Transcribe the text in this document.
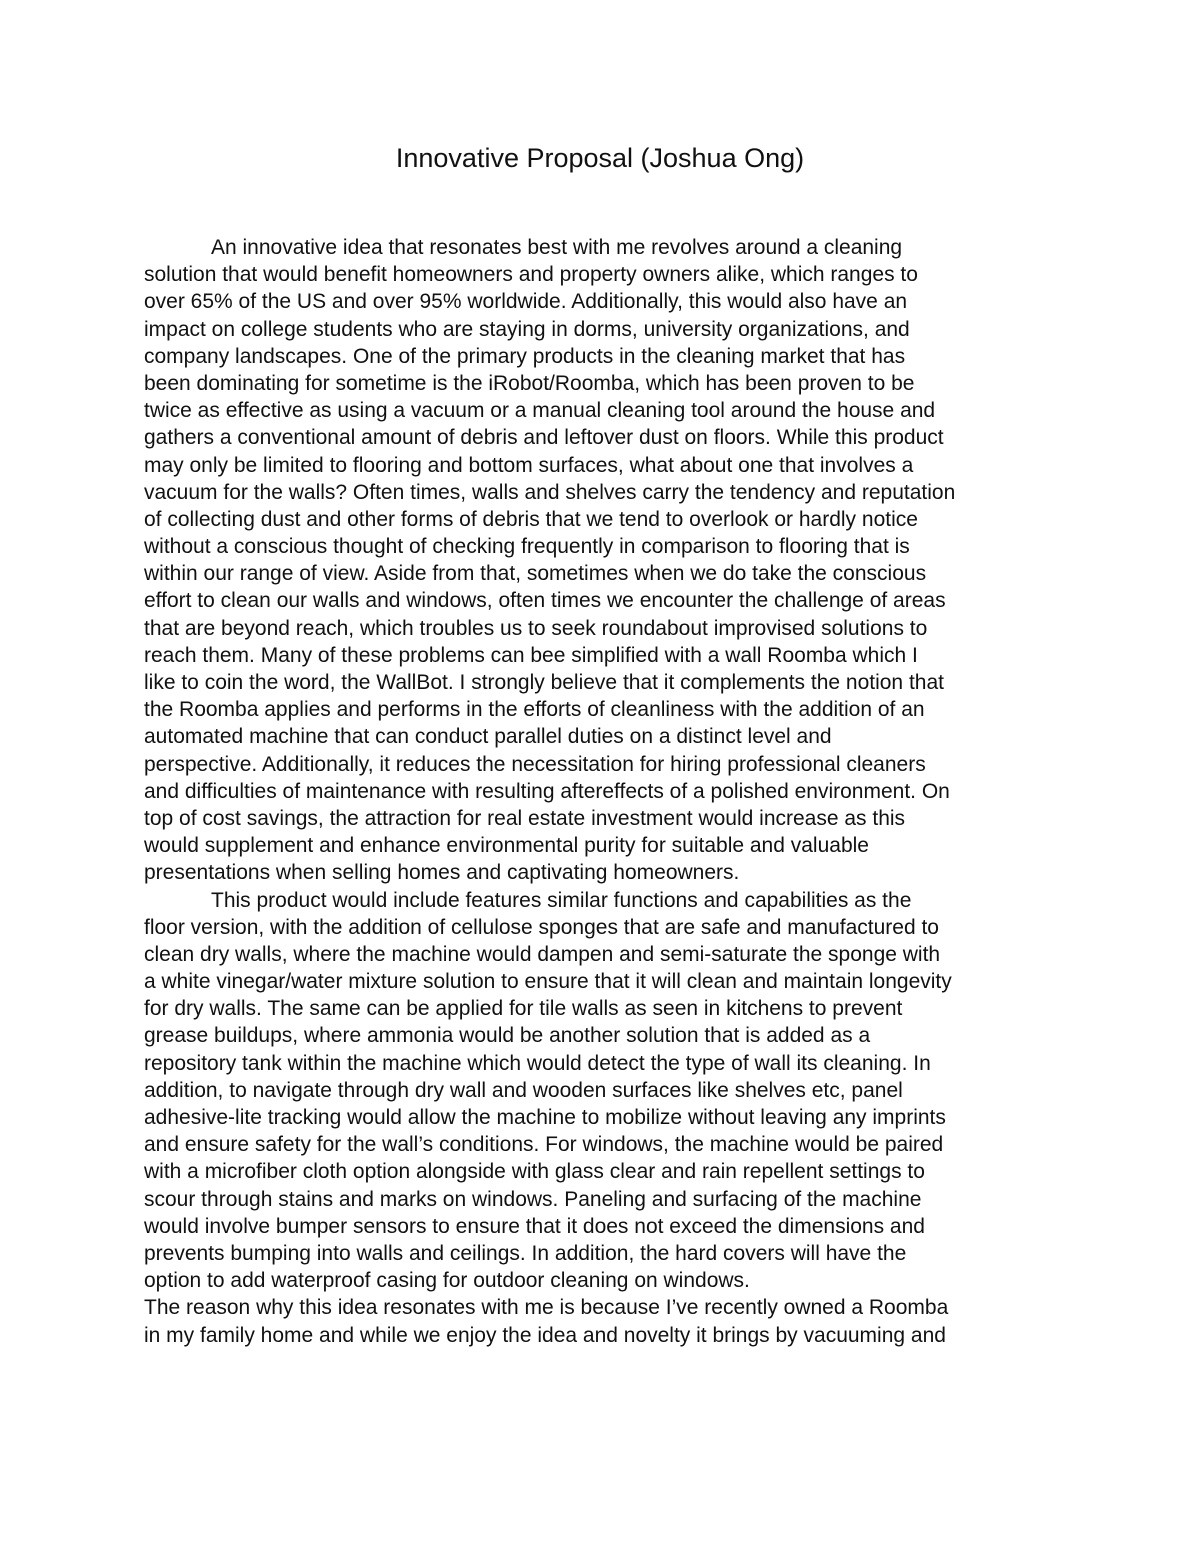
Innovative Proposal (Joshua Ong)
An innovative idea that resonates best with me revolves around a cleaning
solution that would benefit homeowners and property owners alike, which ranges to
over 65% of the US and over 95% worldwide. Additionally, this would also have an
impact on college students who are staying in dorms, university organizations, and
company landscapes. One of the primary products in the cleaning market that has
been dominating for sometime is the iRobot/Roomba, which has been proven to be
twice as effective as using a vacuum or a manual cleaning tool around the house and
gathers a conventional amount of debris and leftover dust on floors. While this product
may only be limited to flooring and bottom surfaces, what about one that involves a
vacuum for the walls? Often times, walls and shelves carry the tendency and reputation
of collecting dust and other forms of debris that we tend to overlook or hardly notice
without a conscious thought of checking frequently in comparison to flooring that is
within our range of view. Aside from that, sometimes when we do take the conscious
effort to clean our walls and windows, often times we encounter the challenge of areas
that are beyond reach, which troubles us to seek roundabout improvised solutions to
reach them. Many of these problems can bee simplified with a wall Roomba which I
like to coin the word, the WallBot. I strongly believe that it complements the notion that
the Roomba applies and performs in the efforts of cleanliness with the addition of an
automated machine that can conduct parallel duties on a distinct level and
perspective. Additionally, it reduces the necessitation for hiring professional cleaners
and difficulties of maintenance with resulting aftereffects of a polished environment. On
top of cost savings, the attraction for real estate investment would increase as this
would supplement and enhance environmental purity for suitable and valuable
presentations when selling homes and captivating homeowners.
This product would include features similar functions and capabilities as the
floor version, with the addition of cellulose sponges that are safe and manufactured to
clean dry walls, where the machine would dampen and semi-saturate the sponge with
a white vinegar/water mixture solution to ensure that it will clean and maintain longevity
for dry walls. The same can be applied for tile walls as seen in kitchens to prevent
grease buildups, where ammonia would be another solution that is added as a
repository tank within the machine which would detect the type of wall its cleaning. In
addition, to navigate through dry wall and wooden surfaces like shelves etc, panel
adhesive-lite tracking would allow the machine to mobilize without leaving any imprints
and ensure safety for the wall’s conditions. For windows, the machine would be paired
with a microfiber cloth option alongside with glass clear and rain repellent settings to
scour through stains and marks on windows. Paneling and surfacing of the machine
would involve bumper sensors to ensure that it does not exceed the dimensions and
prevents bumping into walls and ceilings. In addition, the hard covers will have the
option to add waterproof casing for outdoor cleaning on windows.
The reason why this idea resonates with me is because I’ve recently owned a Roomba
in my family home and while we enjoy the idea and novelty it brings by vacuuming and
